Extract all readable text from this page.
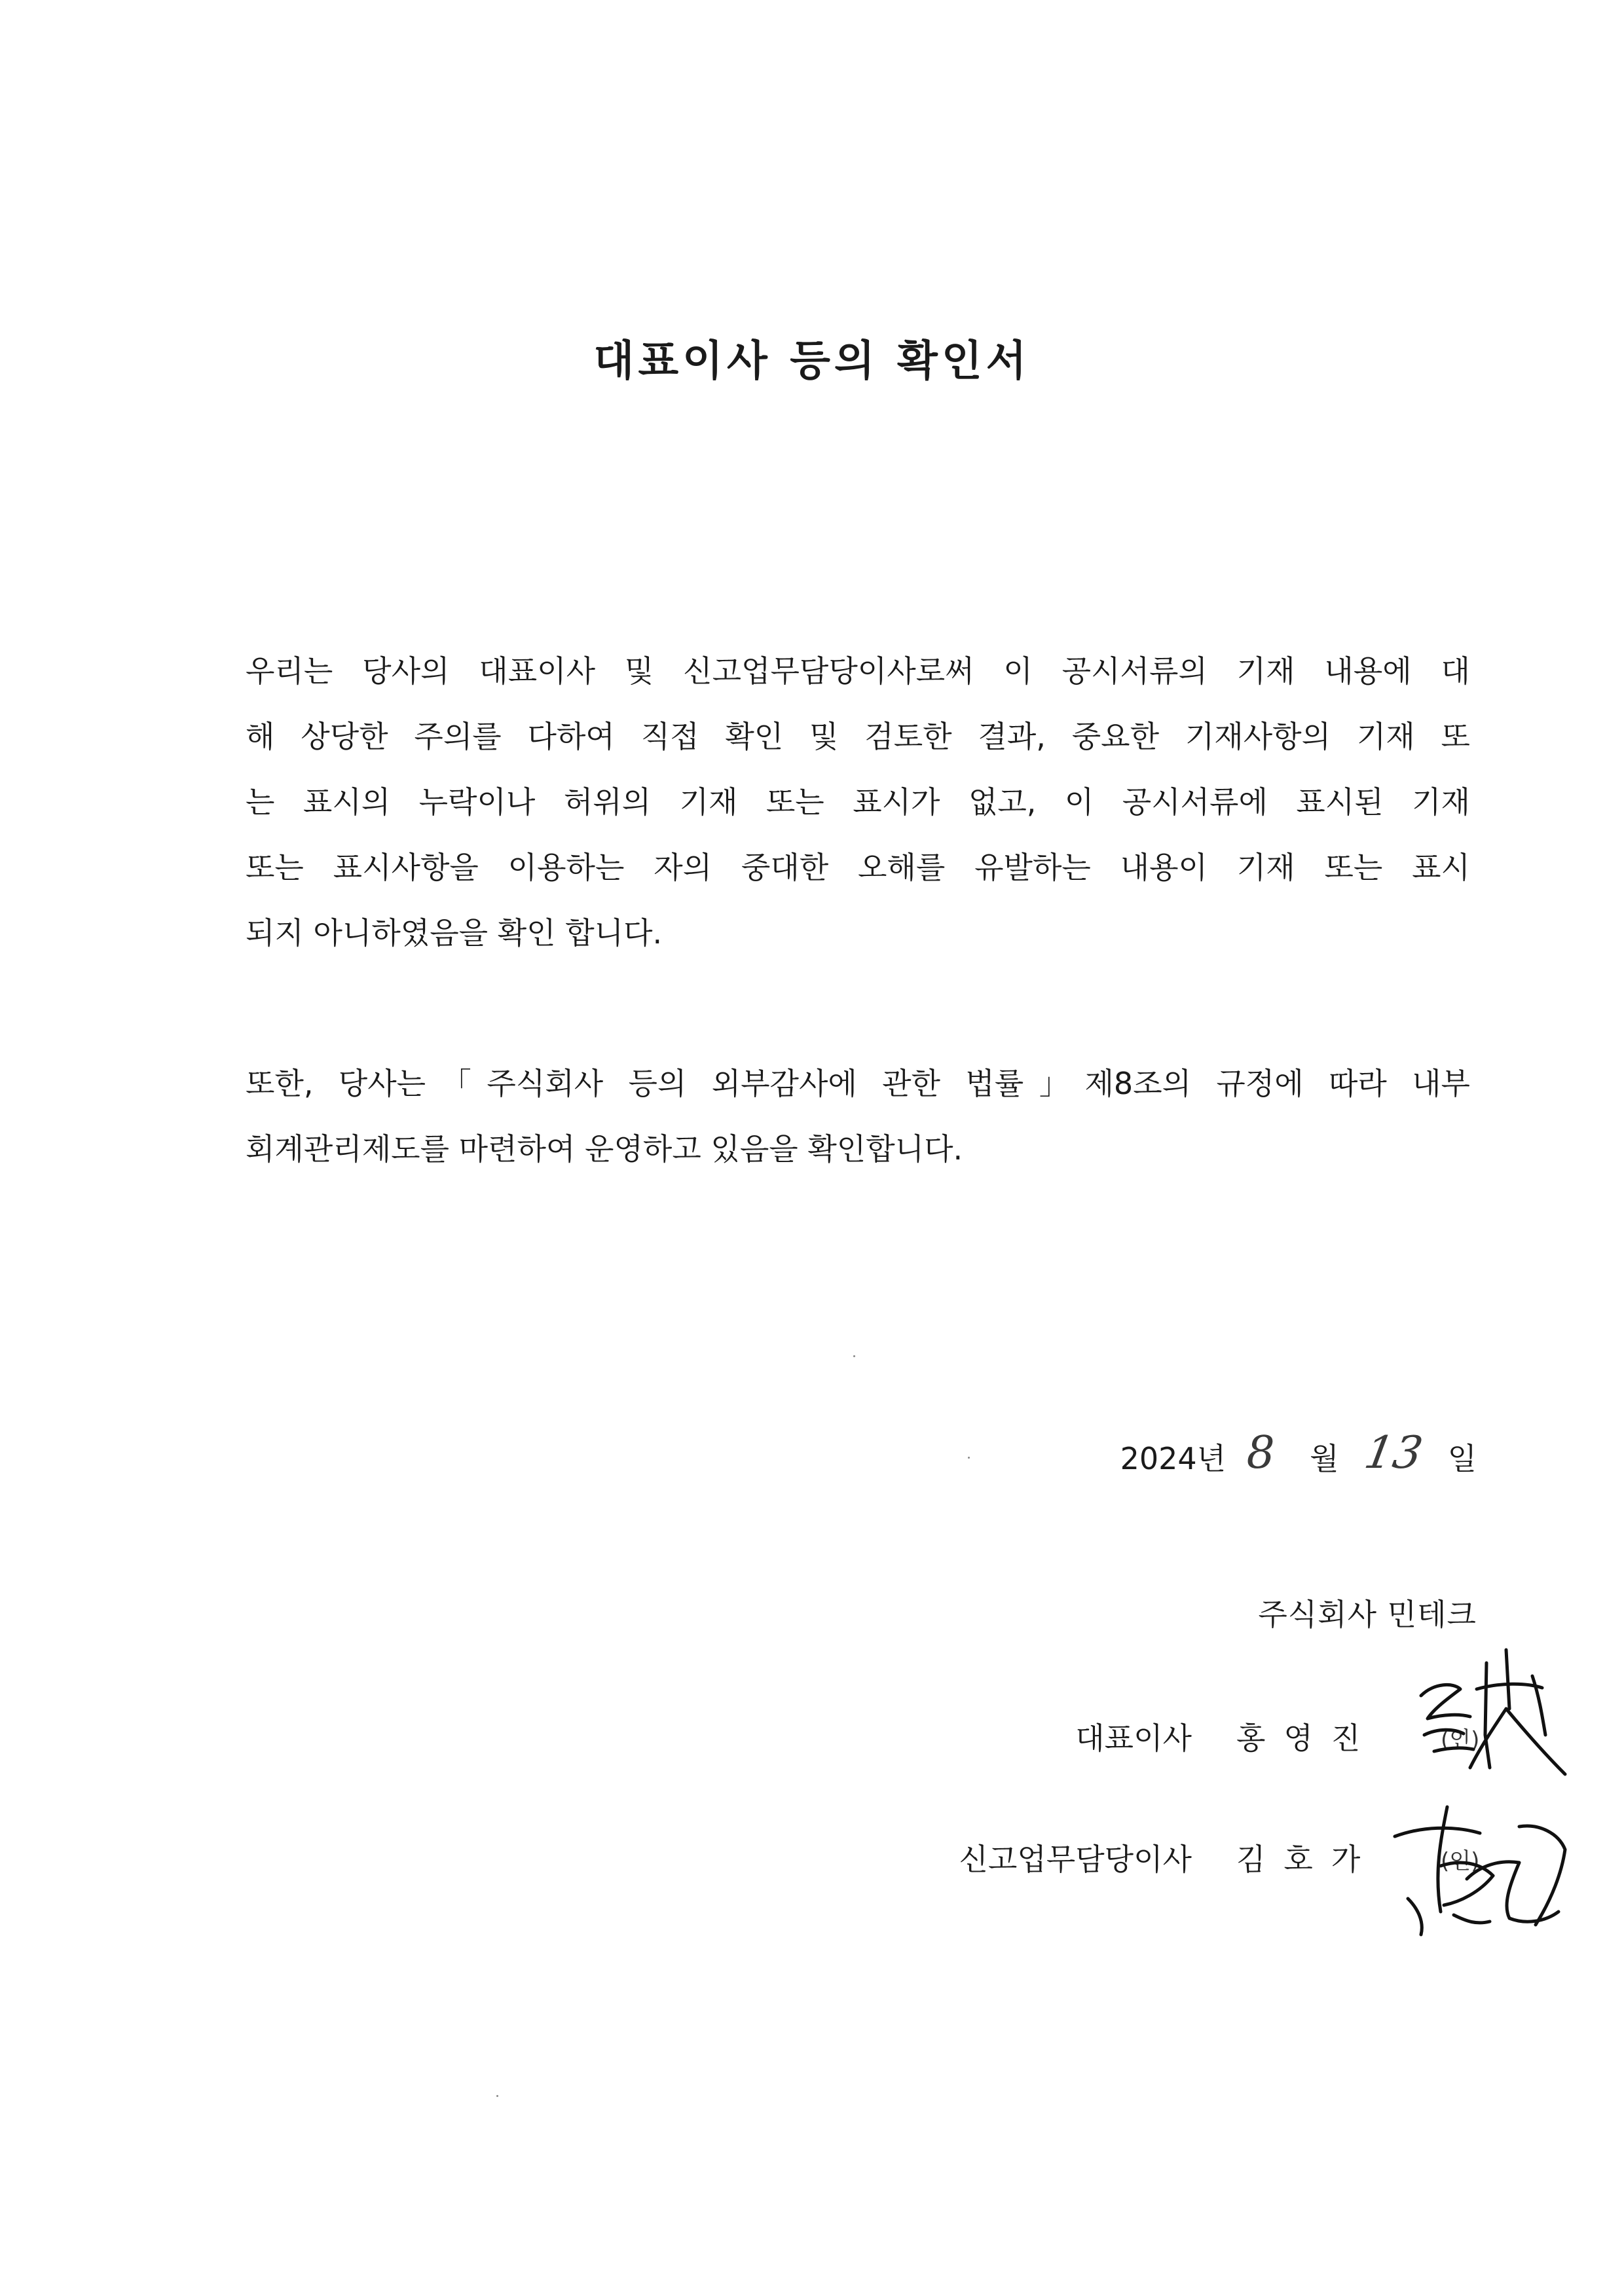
대표이사 등의 확인서
우리는 당사의 대표이사 및 신고업무담당이사로써 이 공시서류의 기재 내용에 대
해 상당한 주의를 다하여 직접 확인 및 검토한 결과, 중요한 기재사항의 기재 또
는 표시의 누락이나 허위의 기재 또는 표시가 없고, 이 공시서류에 표시된 기재
또는 표시사항을 이용하는 자의 중대한 오해를 유발하는 내용이 기재 또는 표시
되지 아니하였음을 확인 합니다.
또한, 당사는「주식회사 등의 외부감사에 관한 법률」제8조의 규정에 따라 내부
회계관리제도를 마련하여 운영하고 있음을 확인합니다.
2024년 8 월 13 일
주식회사 민테크
대표이사 홍영진	(인)
신고업무담당이사 김호가	(인)
